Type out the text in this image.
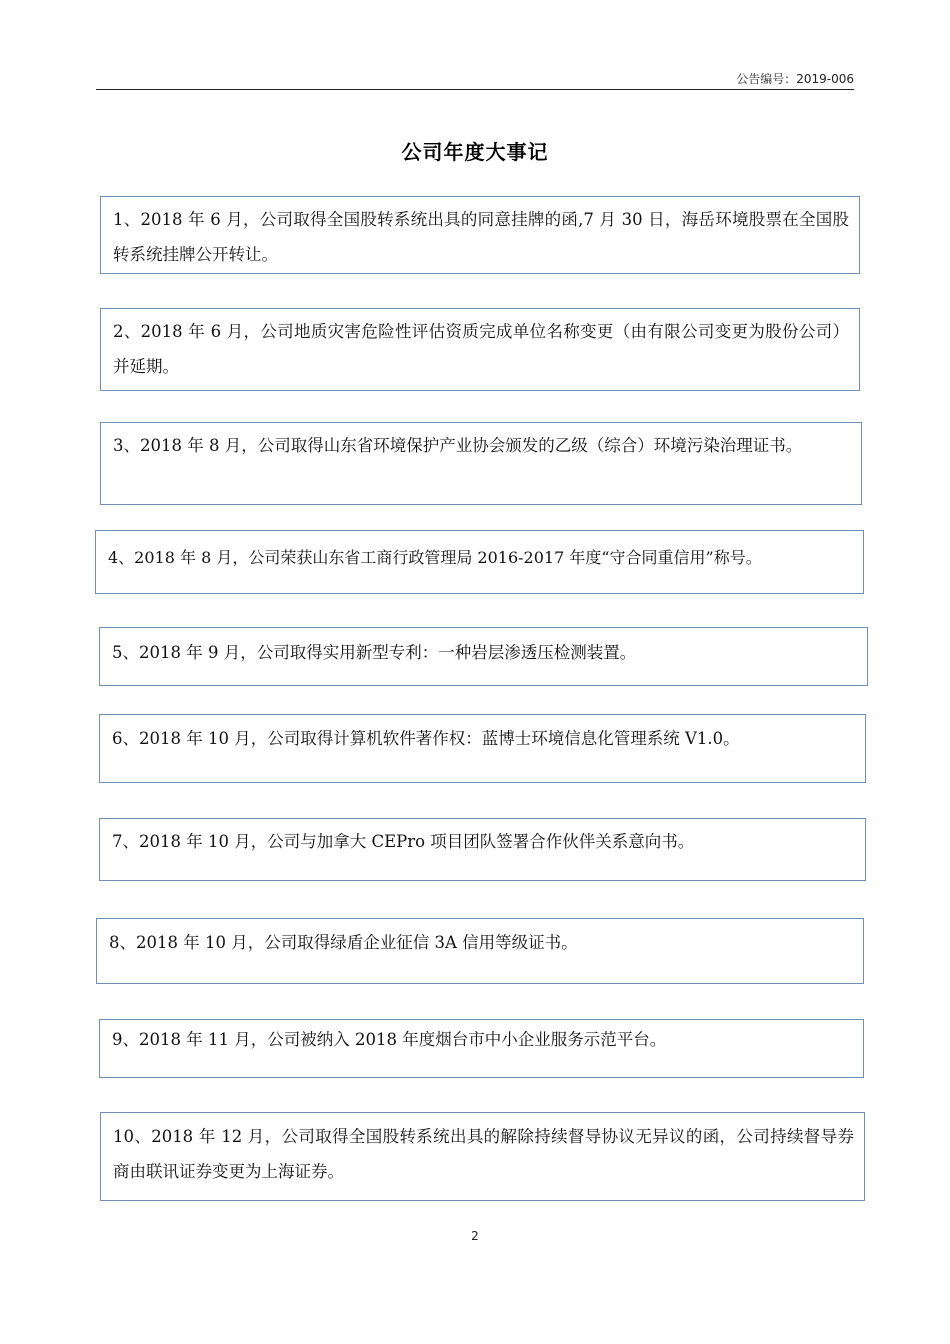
公告编号：2019-006
公司年度大事记
1、2018 年 6 月，公司取得全国股转系统出具的同意挂牌的函,7 月 30 日，海岳环境股票在全国股转系统挂牌公开转让。
2、2018 年 6 月，公司地质灾害危险性评估资质完成单位名称变更（由有限公司变更为股份公司）并延期。
3、2018 年 8 月，公司取得山东省环境保护产业协会颁发的乙级（综合）环境污染治理证书。
4、2018 年 8 月，公司荣获山东省工商行政管理局 2016-2017 年度“守合同重信用”称号。
5、2018 年 9 月，公司取得实用新型专利：一种岩层渗透压检测装置。
6、2018 年 10 月，公司取得计算机软件著作权：蓝博士环境信息化管理系统 V1.0。
7、2018 年 10 月，公司与加拿大 CEPro 项目团队签署合作伙伴关系意向书。
8、2018 年 10 月，公司取得绿盾企业征信 3A 信用等级证书。
9、2018 年 11 月，公司被纳入 2018 年度烟台市中小企业服务示范平台。
10、2018 年 12 月，公司取得全国股转系统出具的解除持续督导协议无异议的函，公司持续督导券商由联讯证券变更为上海证券。
2
